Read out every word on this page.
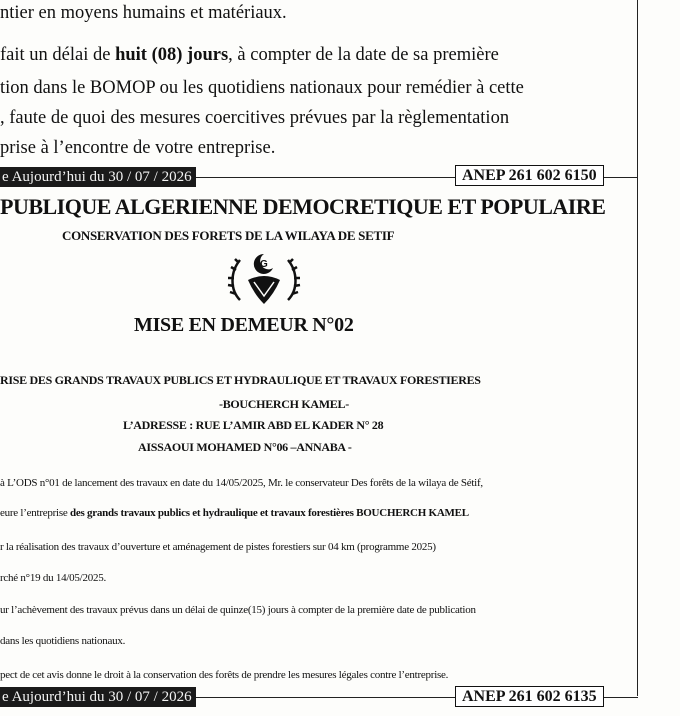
ntier en moyens humains et matériaux.
fait un délai de huit (08) jours, à compter de la date de sa première
tion dans le BOMOP ou les quotidiens nationaux pour remédier à cette
, faute de quoi des mesures coercitives prévues par la règlementation
prise à l’encontre de votre entreprise.
e Aujourd’hui du 30 / 07 / 2026	ANEP 261 602 6150
PUBLIQUE ALGERIENNE DEMOCRETIQUE ET POPULAIRE
CONSERVATION DES FORETS DE LA WILAYA DE SETIF
G
MISE EN DEMEUR N°02
RISE DES GRANDS TRAVAUX PUBLICS ET HYDRAULIQUE ET TRAVAUX FORESTIERES
-BOUCHERCH KAMEL-
L’ADRESSE : RUE L’AMIR ABD EL KADER N° 28
AISSAOUI MOHAMED N°06 –ANNABA -
à L’ODS n°01 de lancement des travaux en date du 14/05/2025, Mr. le conservateur Des forêts de la wilaya de Sétif,
eure l’entreprise des grands travaux publics et hydraulique et travaux forestières BOUCHERCH KAMEL
r la réalisation des travaux d’ouverture et aménagement de pistes forestiers sur 04 km (programme 2025)
rché n°19 du 14/05/2025.
ur l’achèvement des travaux prévus dans un délai de quinze(15) jours à compter de la première date de publication
dans les quotidiens nationaux.
pect de cet avis donne le droit à la conservation des forêts de prendre les mesures légales contre l’entreprise.
e Aujourd’hui du 30 / 07 / 2026	ANEP 261 602 6135
